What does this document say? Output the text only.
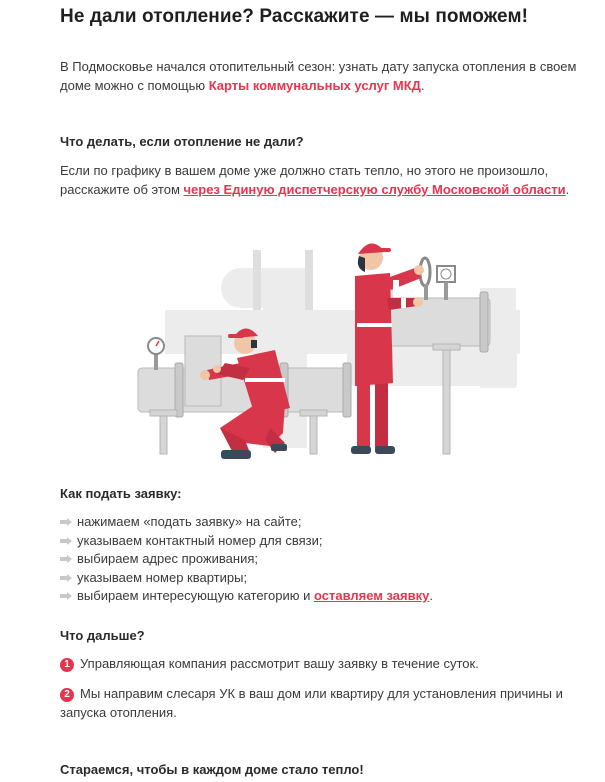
Не дали отопление? Расскажите — мы поможем!

В Подмосковье начался отопительный сезон: узнать дату запуска отопления в своем доме можно с помощью Карты коммунальных услуг МКД.

Что делать, если отопление не дали?

Если по графику в вашем доме уже должно стать тепло, но этого не произошло, расскажите об этом через Единую диспетчерскую службу Московской области.

Как подать заявку:
нажимаем «подать заявку» на сайте;
указываем контактный номер для связи;
выбираем адрес проживания;
указываем номер квартиры;
выбираем интересующую категорию и оставляем заявку.
Что дальше?

1 Управляющая компания рассмотрит вашу заявку в течение суток.

2 Мы направим слесаря УК в ваш дом или квартиру для установления причины и запуска отопления.

Стараемся, чтобы в каждом доме стало тепло!
